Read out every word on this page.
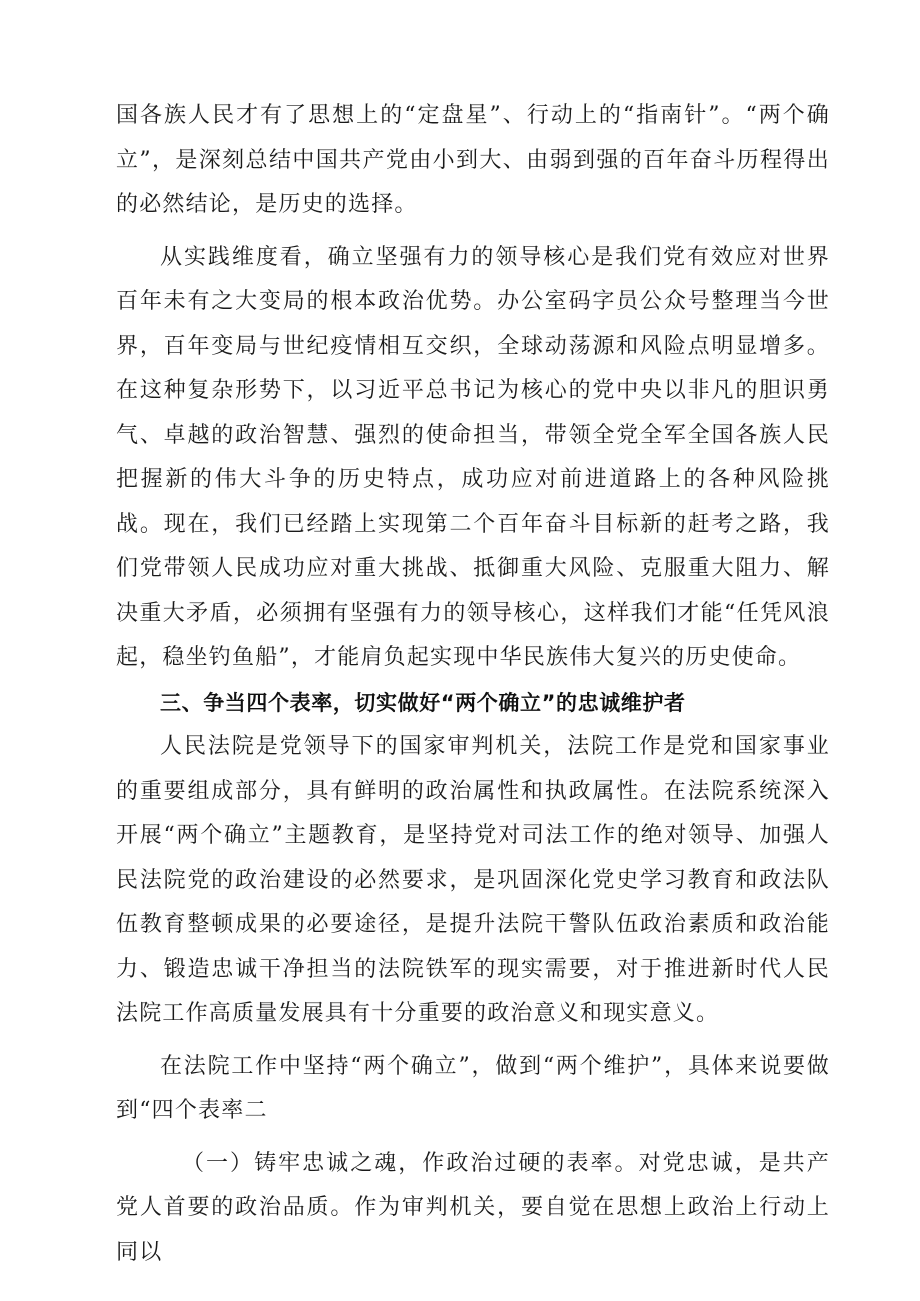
国各族人民才有了思想上的“定盘星”、行动上的“指南针”。“两个确立”，是深刻总结中国共产党由小到大、由弱到强的百年奋斗历程得出的必然结论，是历史的选择。

从实践维度看，确立坚强有力的领导核心是我们党有效应对世界百年未有之大变局的根本政治优势。办公室码字员公众号整理当今世界，百年变局与世纪疫情相互交织，全球动荡源和风险点明显增多。在这种复杂形势下，以习近平总书记为核心的党中央以非凡的胆识勇气、卓越的政治智慧、强烈的使命担当，带领全党全军全国各族人民把握新的伟大斗争的历史特点，成功应对前进道路上的各种风险挑战。现在，我们已经踏上实现第二个百年奋斗目标新的赶考之路，我们党带领人民成功应对重大挑战、抵御重大风险、克服重大阻力、解决重大矛盾，必须拥有坚强有力的领导核心，这样我们才能“任凭风浪起，稳坐钓鱼船”，才能肩负起实现中华民族伟大复兴的历史使命。

三、争当四个表率，切实做好“两个确立”的忠诚维护者

人民法院是党领导下的国家审判机关，法院工作是党和国家事业的重要组成部分，具有鲜明的政治属性和执政属性。在法院系统深入开展“两个确立”主题教育，是坚持党对司法工作的绝对领导、加强人民法院党的政治建设的必然要求，是巩固深化党史学习教育和政法队伍教育整顿成果的必要途径，是提升法院干警队伍政治素质和政治能力、锻造忠诚干净担当的法院铁军的现实需要，对于推进新时代人民法院工作高质量发展具有十分重要的政治意义和现实意义。

在法院工作中坚持“两个确立”，做到“两个维护”，具体来说要做到“四个表率二

（一）铸牢忠诚之魂，作政治过硬的表率。对党忠诚，是共产党人首要的政治品质。作为审判机关，要自觉在思想上政治上行动上同以
